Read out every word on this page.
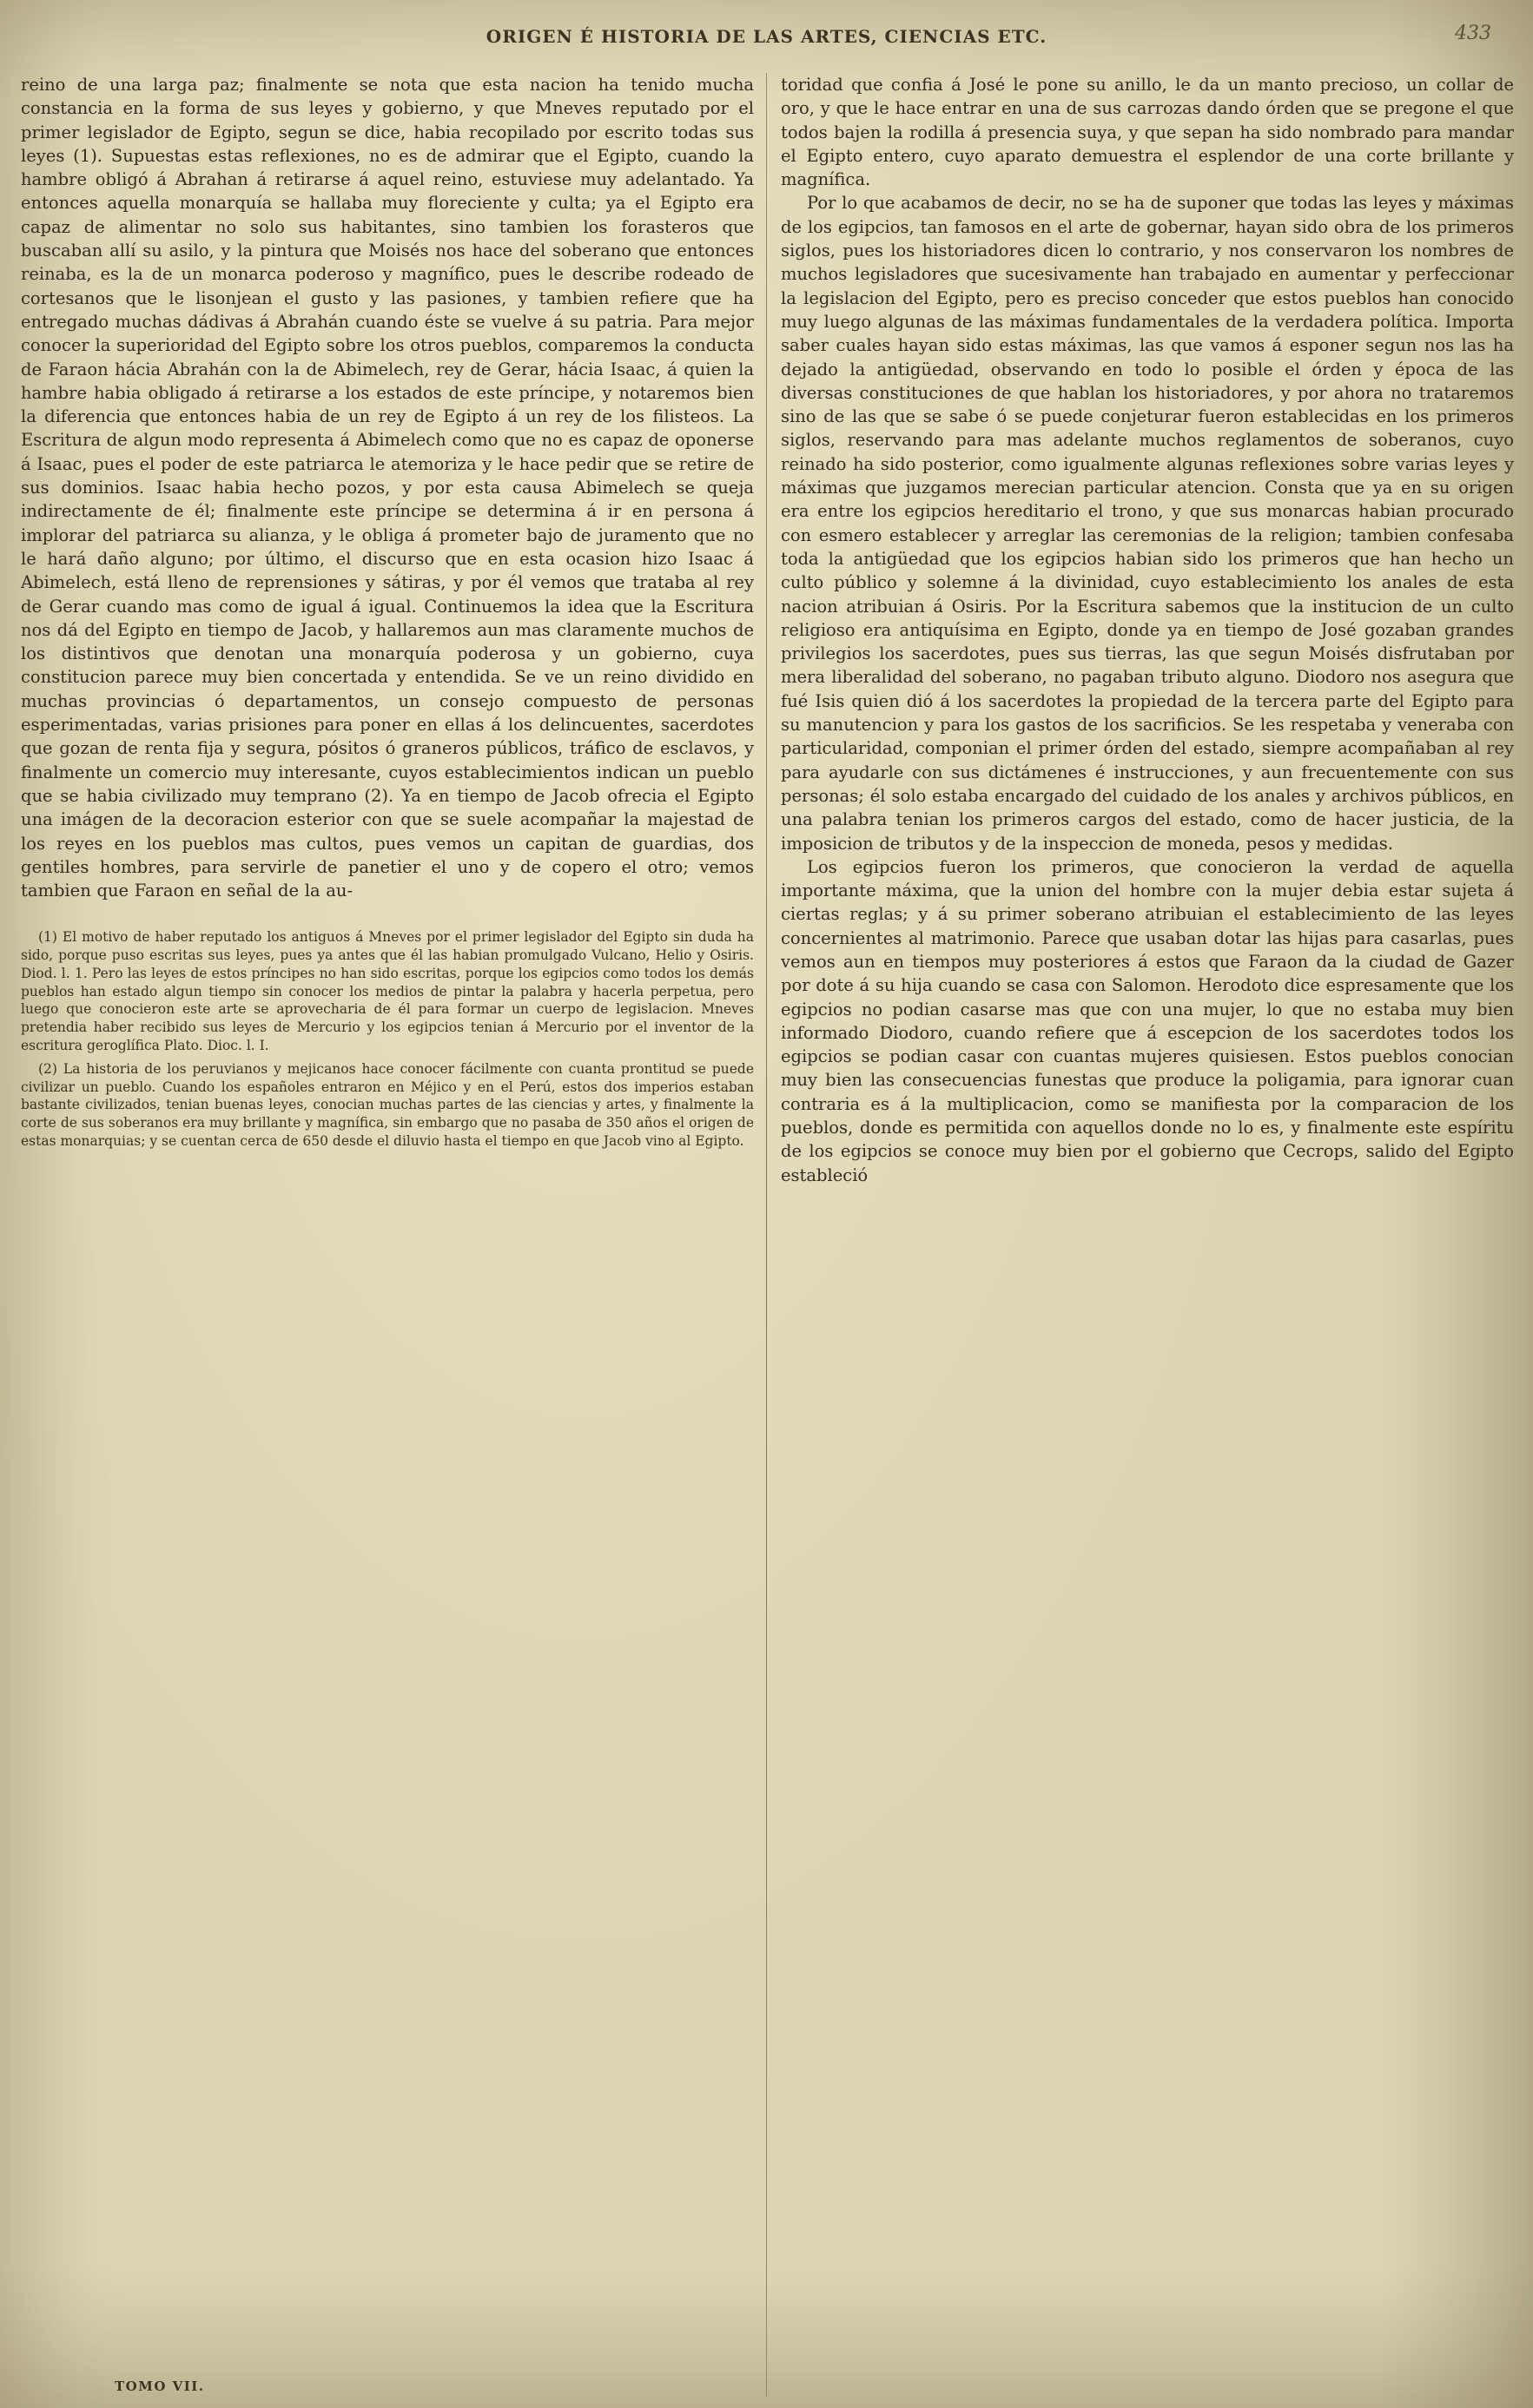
ORIGEN É HISTORIA DE LAS ARTES, CIENCIAS ETC.	433

reino de una larga paz; finalmente se nota que esta nacion ha tenido mucha constancia en la forma de sus leyes y gobierno, y que Mneves reputado por el primer legislador de Egipto, segun se dice, habia recopilado por escrito todas sus leyes (1). Supuestas estas reflexiones, no es de admirar que el Egipto, cuando la hambre obligó á Abrahan á retirarse á aquel reino, estuviese muy adelantado. Ya entonces aquella monarquía se hallaba muy floreciente y culta; ya el Egipto era capaz de alimentar no solo sus habitantes, sino tambien los forasteros que buscaban allí su asilo, y la pintura que Moisés nos hace del soberano que entonces reinaba, es la de un monarca poderoso y magnífico, pues le describe rodeado de cortesanos que le lisonjean el gusto y las pasiones, y tambien refiere que ha entregado muchas dádivas á Abrahán cuando éste se vuelve á su patria. Para mejor conocer la superioridad del Egipto sobre los otros pueblos, comparemos la conducta de Faraon hácia Abrahán con la de Abimelech, rey de Gerar, hácia Isaac, á quien la hambre habia obligado á retirarse a los estados de este príncipe, y notaremos bien la diferencia que entonces habia de un rey de Egipto á un rey de los filisteos. La Escritura de algun modo representa á Abimelech como que no es capaz de oponerse á Isaac, pues el poder de este patriarca le atemoriza y le hace pedir que se retire de sus dominios. Isaac habia hecho pozos, y por esta causa Abimelech se queja indirectamente de él; finalmente este príncipe se determina á ir en persona á implorar del patriarca su alianza, y le obliga á prometer bajo de juramento que no le hará daño alguno; por último, el discurso que en esta ocasion hizo Isaac á Abimelech, está lleno de reprensiones y sátiras, y por él vemos que trataba al rey de Gerar cuando mas como de igual á igual. Continuemos la idea que la Escritura nos dá del Egipto en tiempo de Jacob, y hallaremos aun mas claramente muchos de los distintivos que denotan una monarquía poderosa y un gobierno, cuya constitucion parece muy bien concertada y entendida. Se ve un reino dividido en muchas provincias ó departamentos, un consejo compuesto de personas esperimentadas, varias prisiones para poner en ellas á los delincuentes, sacerdotes que gozan de renta fija y segura, pósitos ó graneros públicos, tráfico de esclavos, y finalmente un comercio muy interesante, cuyos establecimientos indican un pueblo que se habia civilizado muy temprano (2). Ya en tiempo de Jacob ofrecia el Egipto una imágen de la decoracion esterior con que se suele acompañar la majestad de los reyes en los pueblos mas cultos, pues vemos un capitan de guardias, dos gentiles hombres, para servirle de panetier el uno y de copero el otro; vemos tambien que Faraon en señal de la au-

(1) El motivo de haber reputado los antiguos á Mneves por el primer legislador del Egipto sin duda ha sido, porque puso escritas sus leyes, pues ya antes que él las habian promulgado Vulcano, Helio y Osiris. Diod. l. 1. Pero las leyes de estos príncipes no han sido escritas, porque los egipcios como todos los demás pueblos han estado algun tiempo sin conocer los medios de pintar la palabra y hacerla perpetua, pero luego que conocieron este arte se aprovecharia de él para formar un cuerpo de legislacion. Mneves pretendia haber recibido sus leyes de Mercurio y los egipcios tenian á Mercurio por el inventor de la escritura geroglífica Plato. Dioc. l. I.

(2) La historia de los peruvianos y mejicanos hace conocer fácilmente con cuanta prontitud se puede civilizar un pueblo. Cuando los españoles entraron en Méjico y en el Perú, estos dos imperios estaban bastante civilizados, tenian buenas leyes, conocian muchas partes de las ciencias y artes, y finalmente la corte de sus soberanos era muy brillante y magnífica, sin embargo que no pasaba de 350 años el origen de estas monarquias; y se cuentan cerca de 650 desde el diluvio hasta el tiempo en que Jacob vino al Egipto.

toridad que confia á José le pone su anillo, le da un manto precioso, un collar de oro, y que le hace entrar en una de sus carrozas dando órden que se pregone el que todos bajen la rodilla á presencia suya, y que sepan ha sido nombrado para mandar el Egipto entero, cuyo aparato demuestra el esplendor de una corte brillante y magnífica.

Por lo que acabamos de decir, no se ha de suponer que todas las leyes y máximas de los egipcios, tan famosos en el arte de gobernar, hayan sido obra de los primeros siglos, pues los historiadores dicen lo contrario, y nos conservaron los nombres de muchos legisladores que sucesivamente han trabajado en aumentar y perfeccionar la legislacion del Egipto, pero es preciso conceder que estos pueblos han conocido muy luego algunas de las máximas fundamentales de la verdadera política. Importa saber cuales hayan sido estas máximas, las que vamos á esponer segun nos las ha dejado la antigüedad, observando en todo lo posible el órden y época de las diversas constituciones de que hablan los historiadores, y por ahora no trataremos sino de las que se sabe ó se puede conjeturar fueron establecidas en los primeros siglos, reservando para mas adelante muchos reglamentos de soberanos, cuyo reinado ha sido posterior, como igualmente algunas reflexiones sobre varias leyes y máximas que juzgamos merecian particular atencion. Consta que ya en su origen era entre los egipcios hereditario el trono, y que sus monarcas habian procurado con esmero establecer y arreglar las ceremonias de la religion; tambien confesaba toda la antigüedad que los egipcios habian sido los primeros que han hecho un culto público y solemne á la divinidad, cuyo establecimiento los anales de esta nacion atribuian á Osiris. Por la Escritura sabemos que la institucion de un culto religioso era antiquísima en Egipto, donde ya en tiempo de José gozaban grandes privilegios los sacerdotes, pues sus tierras, las que segun Moisés disfrutaban por mera liberalidad del soberano, no pagaban tributo alguno. Diodoro nos asegura que fué Isis quien dió á los sacerdotes la propiedad de la tercera parte del Egipto para su manutencion y para los gastos de los sacrificios. Se les respetaba y veneraba con particularidad, componian el primer órden del estado, siempre acompañaban al rey para ayudarle con sus dictámenes é instrucciones, y aun frecuentemente con sus personas; él solo estaba encargado del cuidado de los anales y archivos públicos, en una palabra tenian los primeros cargos del estado, como de hacer justicia, de la imposicion de tributos y de la inspeccion de moneda, pesos y medidas.

Los egipcios fueron los primeros, que conocieron la verdad de aquella importante máxima, que la union del hombre con la mujer debia estar sujeta á ciertas reglas; y á su primer soberano atribuian el establecimiento de las leyes concernientes al matrimonio. Parece que usaban dotar las hijas para casarlas, pues vemos aun en tiempos muy posteriores á estos que Faraon da la ciudad de Gazer por dote á su hija cuando se casa con Salomon. Herodoto dice espresamente que los egipcios no podian casarse mas que con una mujer, lo que no estaba muy bien informado Diodoro, cuando refiere que á escepcion de los sacerdotes todos los egipcios se podian casar con cuantas mujeres quisiesen. Estos pueblos conocian muy bien las consecuencias funestas que produce la poligamia, para ignorar cuan contraria es á la multiplicacion, como se manifiesta por la comparacion de los pueblos, donde es permitida con aquellos donde no lo es, y finalmente este espíritu de los egipcios se conoce muy bien por el gobierno que Cecrops, salido del Egipto estableció

TOMO VII.
